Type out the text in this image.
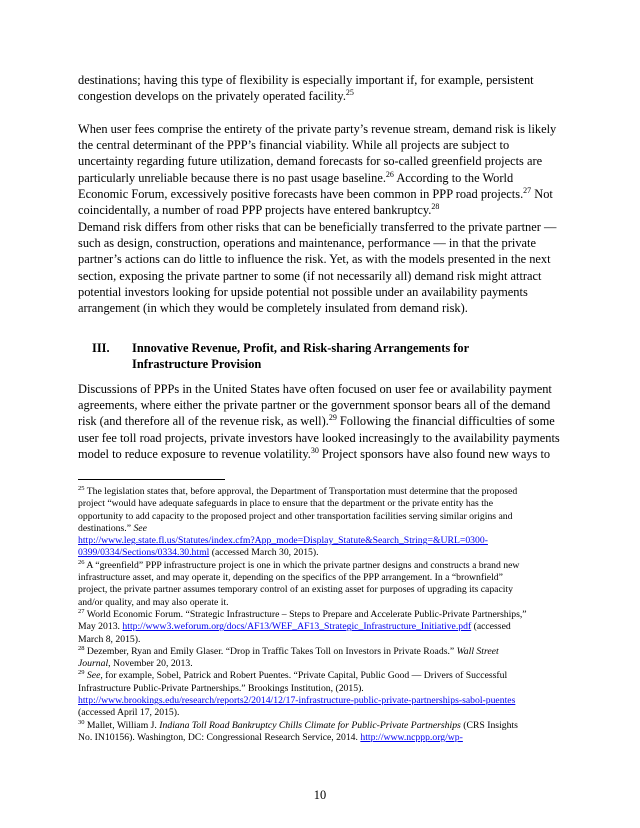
destinations; having this type of flexibility is especially important if, for example, persistent
congestion develops on the privately operated facility.$^{25}$
When user fees comprise the entirety of the private party’s revenue stream, demand risk is likely
the central determinant of the PPP’s financial viability. While all projects are subject to
uncertainty regarding future utilization, demand forecasts for so-called greenfield projects are
particularly unreliable because there is no past usage baseline.$^{26}$ According to the World
Economic Forum, excessively positive forecasts have been common in PPP road projects.$^{27}$ Not
coincidentally, a number of road PPP projects have entered bankruptcy.$^{28}$
Demand risk differs from other risks that can be beneficially transferred to the private partner —
such as design, construction, operations and maintenance, performance — in that the private
partner’s actions can do little to influence the risk. Yet, as with the models presented in the next
section, exposing the private partner to some (if not necessarily all) demand risk might attract
potential investors looking for upside potential not possible under an availability payments
arrangement (in which they would be completely insulated from demand risk).
III. Innovative Revenue, Profit, and Risk-sharing Arrangements for
Infrastructure Provision
Discussions of PPPs in the United States have often focused on user fee or availability payment
agreements, where either the private partner or the government sponsor bears all of the demand
risk (and therefore all of the revenue risk, as well).$^{29}$ Following the financial difficulties of some
user fee toll road projects, private investors have looked increasingly to the availability payments
model to reduce exposure to revenue volatility.$^{30}$ Project sponsors have also found new ways to
$^{25}$ The legislation states that, before approval, the Department of Transportation must determine that the proposed
project “would have adequate safeguards in place to ensure that the department or the private entity has the
opportunity to add capacity to the proposed project and other transportation facilities serving similar origins and
destinations.” See
http://www.leg.state.fl.us/Statutes/index.cfm?App_mode=Display_Statute&Search_String=&URL=0300-
0399/0334/Sections/0334.30.html (accessed March 30, 2015).
$^{26}$ A “greenfield” PPP infrastructure project is one in which the private partner designs and constructs a brand new
infrastructure asset, and may operate it, depending on the specifics of the PPP arrangement. In a “brownfield”
project, the private partner assumes temporary control of an existing asset for purposes of upgrading its capacity
and/or quality, and may also operate it.
$^{27}$ World Economic Forum. “Strategic Infrastructure – Steps to Prepare and Accelerate Public-Private Partnerships,”
May 2013. http://www3.weforum.org/docs/AF13/WEF_AF13_Strategic_Infrastructure_Initiative.pdf (accessed
March 8, 2015).
$^{28}$ Dezember, Ryan and Emily Glaser. “Drop in Traffic Takes Toll on Investors in Private Roads.” Wall Street
Journal, November 20, 2013.
$^{29}$ See, for example, Sobel, Patrick and Robert Puentes. “Private Capital, Public Good — Drivers of Successful
Infrastructure Public-Private Partnerships.” Brookings Institution, (2015).
http://www.brookings.edu/research/reports2/2014/12/17-infrastructure-public-private-partnerships-sabol-puentes
(accessed April 17, 2015).
$^{30}$ Mallet, William J. Indiana Toll Road Bankruptcy Chills Climate for Public-Private Partnerships (CRS Insights
No. IN10156). Washington, DC: Congressional Research Service, 2014. http://www.ncppp.org/wp-
10
